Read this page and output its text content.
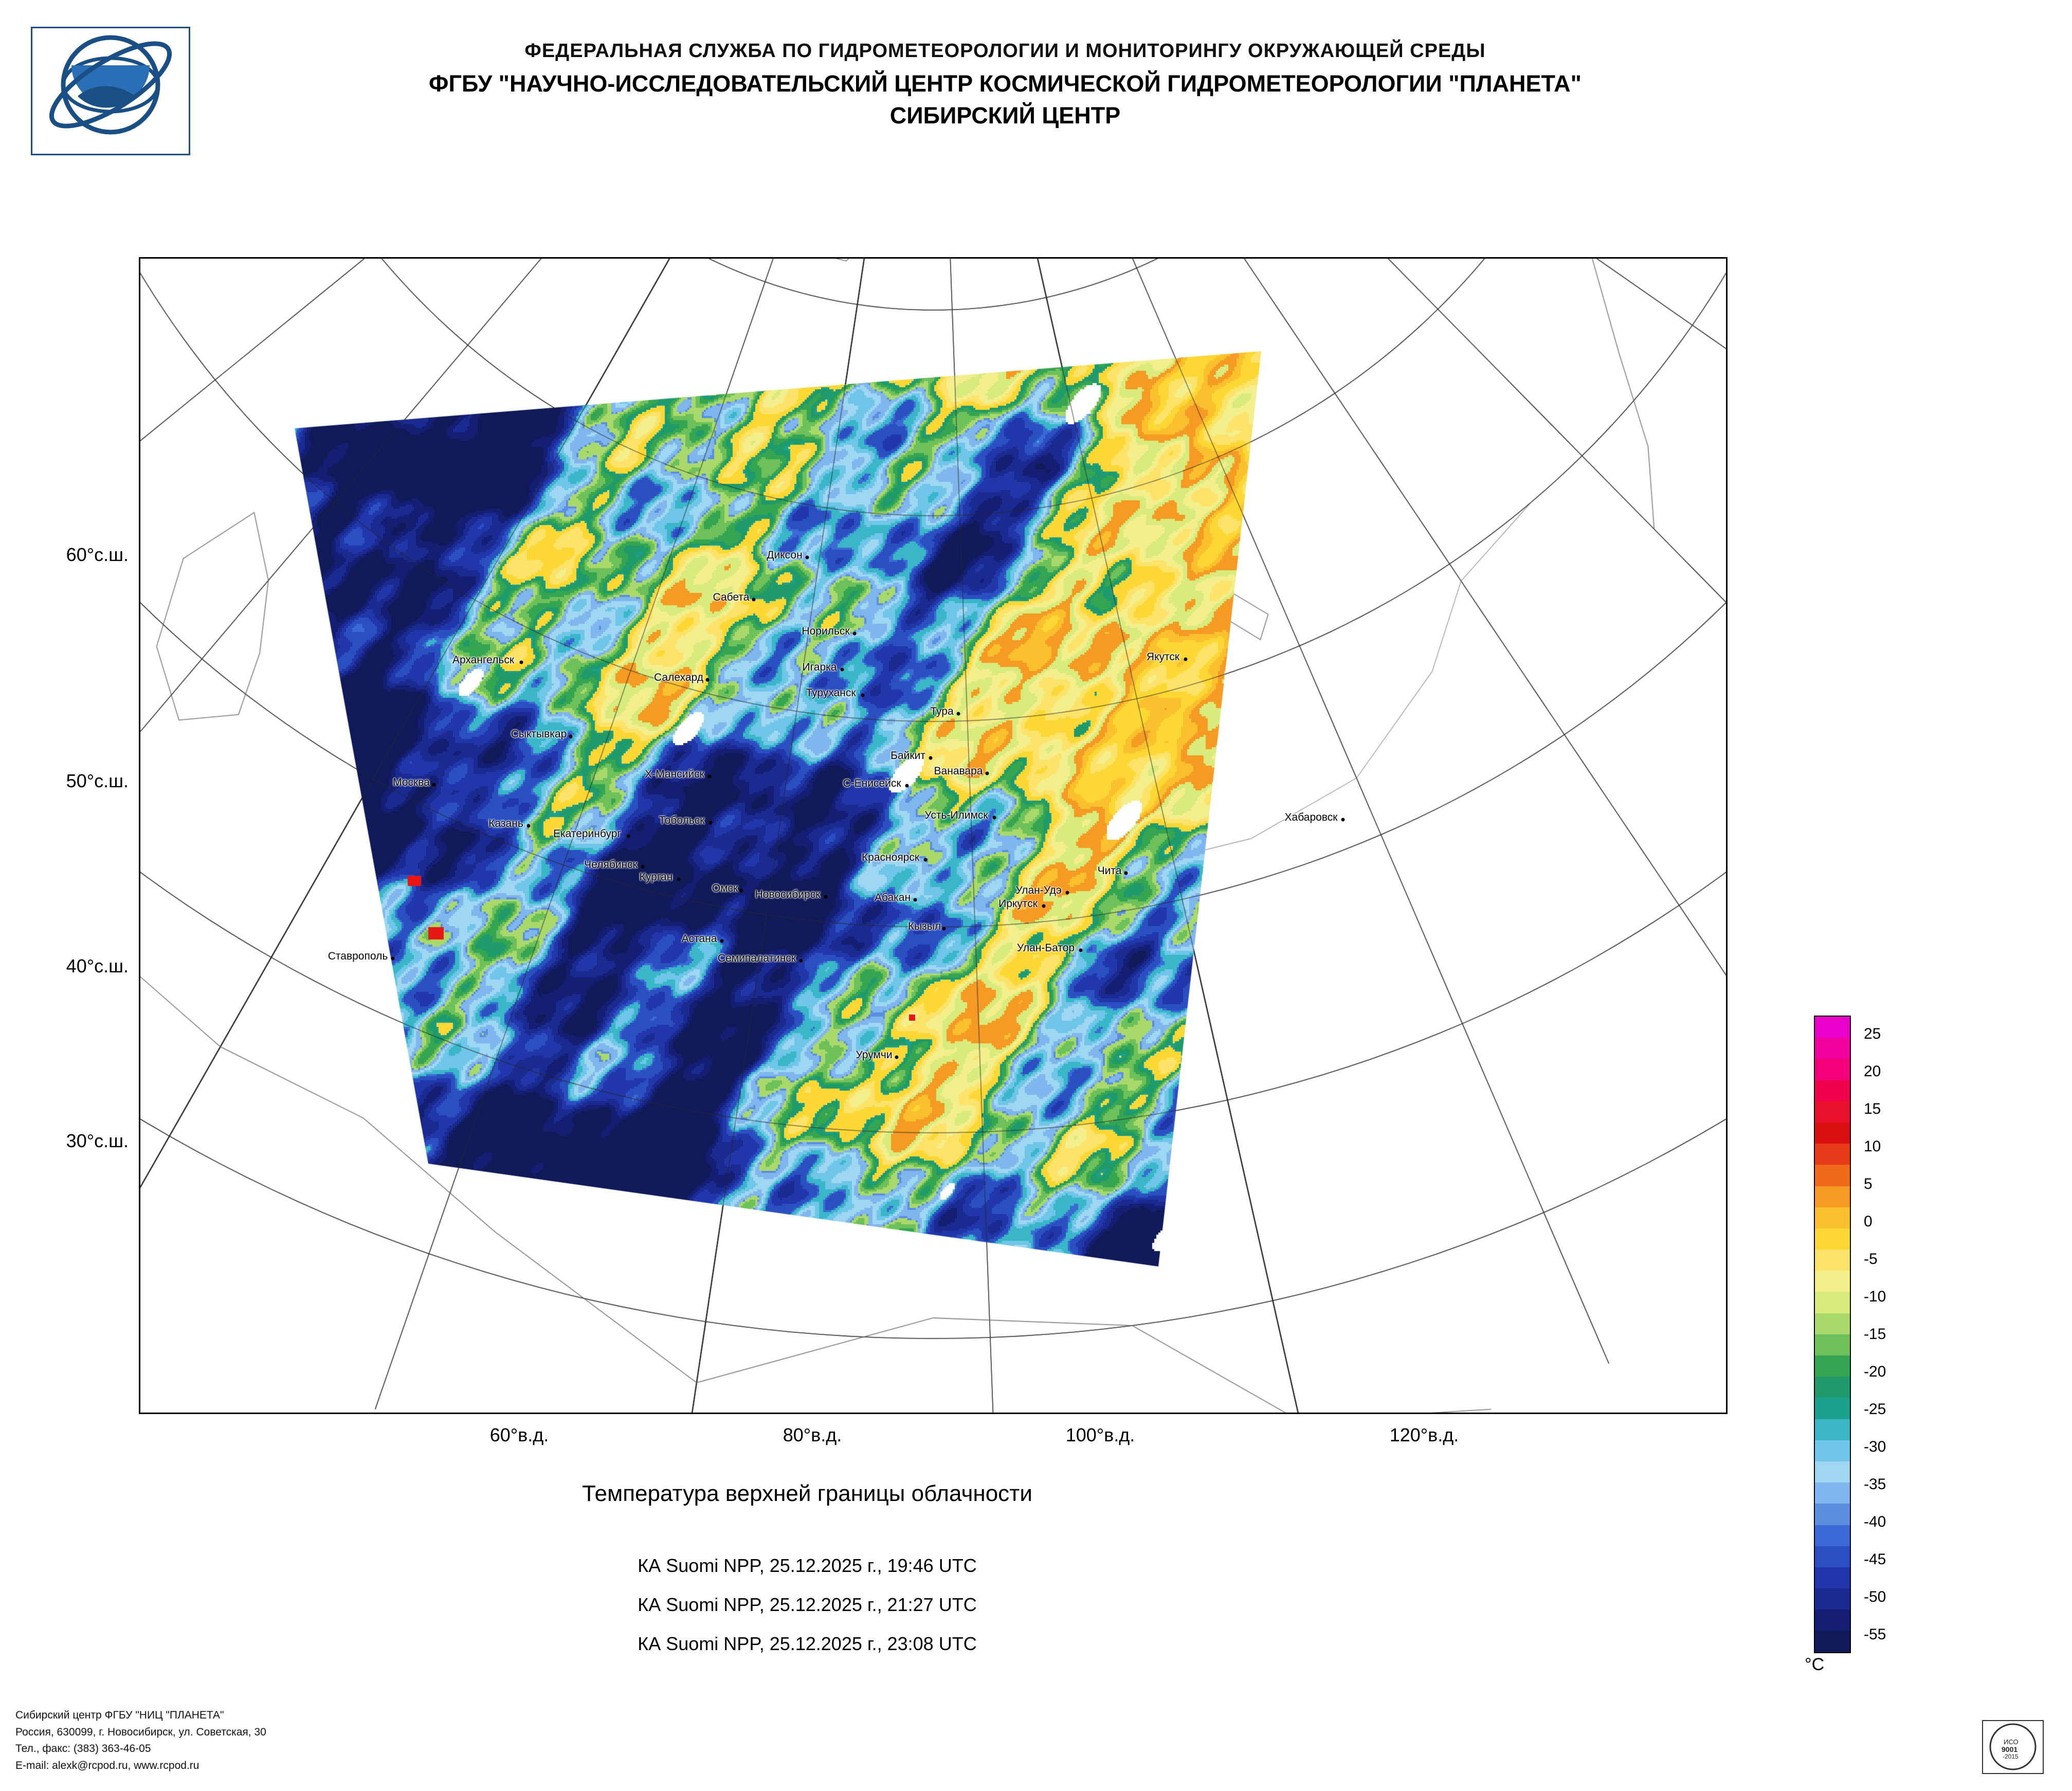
ФЕДЕРАЛЬНАЯ СЛУЖБА ПО ГИДРОМЕТЕОРОЛОГИИ И МОНИТОРИНГУ ОКРУЖАЮЩЕЙ СРЕДЫ
ФГБУ "НАУЧНО-ИССЛЕДОВАТЕЛЬСКИЙ ЦЕНТР КОСМИЧЕСКОЙ ГИДРОМЕТЕОРОЛОГИИ "ПЛАНЕТА"
СИБИРСКИЙ ЦЕНТР
Температура верхней границы облачности
КА Suomi NPP, 25.12.2025 г., 19:46 UTC
КА Suomi NPP, 25.12.2025 г., 21:27 UTC
КА Suomi NPP, 25.12.2025 г., 23:08 UTC
°C
Сибирский центр ФГБУ "НИЦ "ПЛАНЕТА"
Россия, 630099, г. Новосибирск, ул. Советская, 30
Тел., факс: (383) 363-46-05
E-mail: alexk@rcpod.ru, www.rcpod.ru
ИСО
9001
-2015
25
20
15
10
5
0
-5
-10
-15
-20
-25
-30
-35
-40
-45
-50
-55
60°с.ш.
50°с.ш.
40°с.ш.
30°с.ш.
60°в.д.	80°в.д.	100°в.д.	120°в.д.
Диксон
Сабета
Норильск
Игарка
Архангельск	Якутск
Салехард
Туруханск
Тура
Сыктывкар
Байкит
Ванавара
Х-Мансийск
С-Енисейск
Москва
Усть-Илимск	Хабаровск
Казань	Тобольск
Екатеринбург
Красноярск
Челябинск
Чита
Курган
Омск	Улан-Удэ
Новосибирск
Иркутск
Абакан
Кызыл
Астана
Улан-Батор
Ставрополь	Семипалатинск
Урумчи
